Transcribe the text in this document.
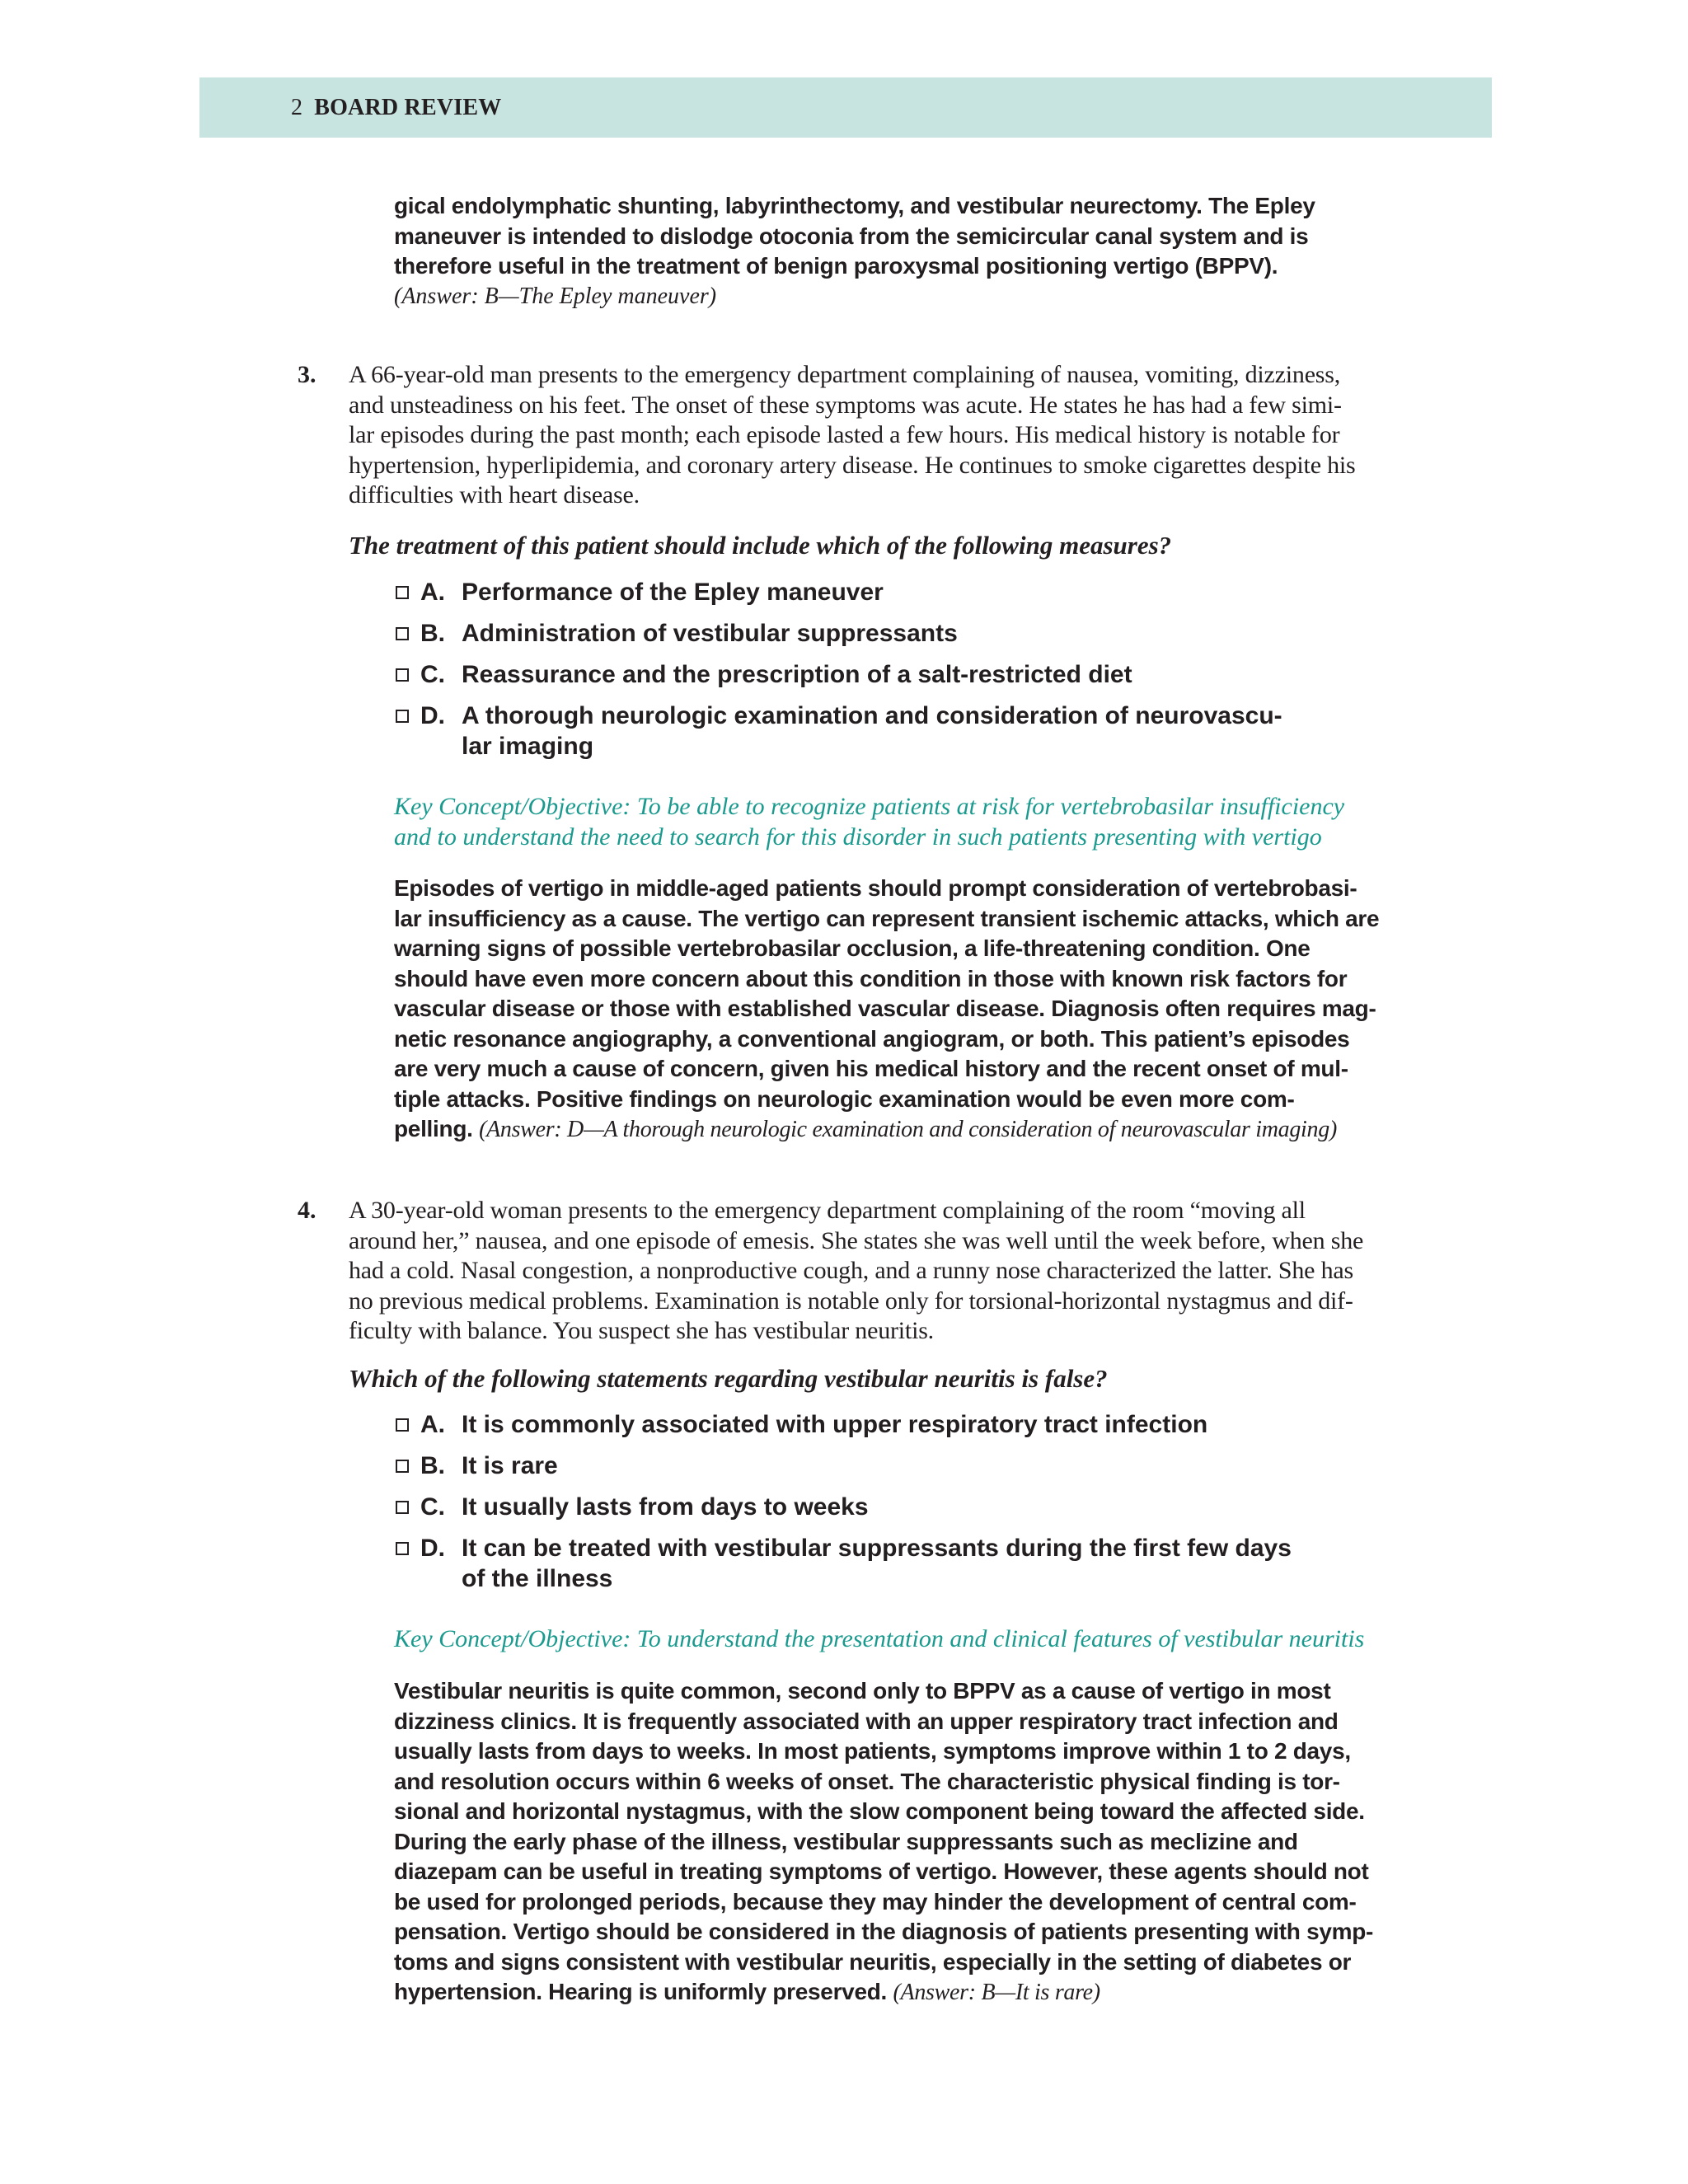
2 BOARD REVIEW
gical endolymphatic shunting, labyrinthectomy, and vestibular neurectomy. The Epley
maneuver is intended to dislodge otoconia from the semicircular canal system and is
therefore useful in the treatment of benign paroxysmal positioning vertigo (BPPV).
(Answer: B—The Epley maneuver)
3. A 66-year-old man presents to the emergency department complaining of nausea, vomiting, dizziness,
and unsteadiness on his feet. The onset of these symptoms was acute. He states he has had a few simi-
lar episodes during the past month; each episode lasted a few hours. His medical history is notable for
hypertension, hyperlipidemia, and coronary artery disease. He continues to smoke cigarettes despite his
difficulties with heart disease.
The treatment of this patient should include which of the following measures?
A. Performance of the Epley maneuver
B. Administration of vestibular suppressants
C. Reassurance and the prescription of a salt-restricted diet
D. A thorough neurologic examination and consideration of neurovascu-
lar imaging
Key Concept/Objective: To be able to recognize patients at risk for vertebrobasilar insufficiency
and to understand the need to search for this disorder in such patients presenting with vertigo
Episodes of vertigo in middle-aged patients should prompt consideration of vertebrobasi-
lar insufficiency as a cause. The vertigo can represent transient ischemic attacks, which are
warning signs of possible vertebrobasilar occlusion, a life-threatening condition. One
should have even more concern about this condition in those with known risk factors for
vascular disease or those with established vascular disease. Diagnosis often requires mag-
netic resonance angiography, a conventional angiogram, or both. This patient’s episodes
are very much a cause of concern, given his medical history and the recent onset of mul-
tiple attacks. Positive findings on neurologic examination would be even more com-
pelling. (Answer: D—A thorough neurologic examination and consideration of neurovascular imaging)
4. A 30-year-old woman presents to the emergency department complaining of the room “moving all
around her,” nausea, and one episode of emesis. She states she was well until the week before, when she
had a cold. Nasal congestion, a nonproductive cough, and a runny nose characterized the latter. She has
no previous medical problems. Examination is notable only for torsional-horizontal nystagmus and dif-
ficulty with balance. You suspect she has vestibular neuritis.
Which of the following statements regarding vestibular neuritis is false?
A. It is commonly associated with upper respiratory tract infection
B. It is rare
C. It usually lasts from days to weeks
D. It can be treated with vestibular suppressants during the first few days
of the illness
Key Concept/Objective: To understand the presentation and clinical features of vestibular neuritis
Vestibular neuritis is quite common, second only to BPPV as a cause of vertigo in most
dizziness clinics. It is frequently associated with an upper respiratory tract infection and
usually lasts from days to weeks. In most patients, symptoms improve within 1 to 2 days,
and resolution occurs within 6 weeks of onset. The characteristic physical finding is tor-
sional and horizontal nystagmus, with the slow component being toward the affected side.
During the early phase of the illness, vestibular suppressants such as meclizine and
diazepam can be useful in treating symptoms of vertigo. However, these agents should not
be used for prolonged periods, because they may hinder the development of central com-
pensation. Vertigo should be considered in the diagnosis of patients presenting with symp-
toms and signs consistent with vestibular neuritis, especially in the setting of diabetes or
hypertension. Hearing is uniformly preserved. (Answer: B—It is rare)
